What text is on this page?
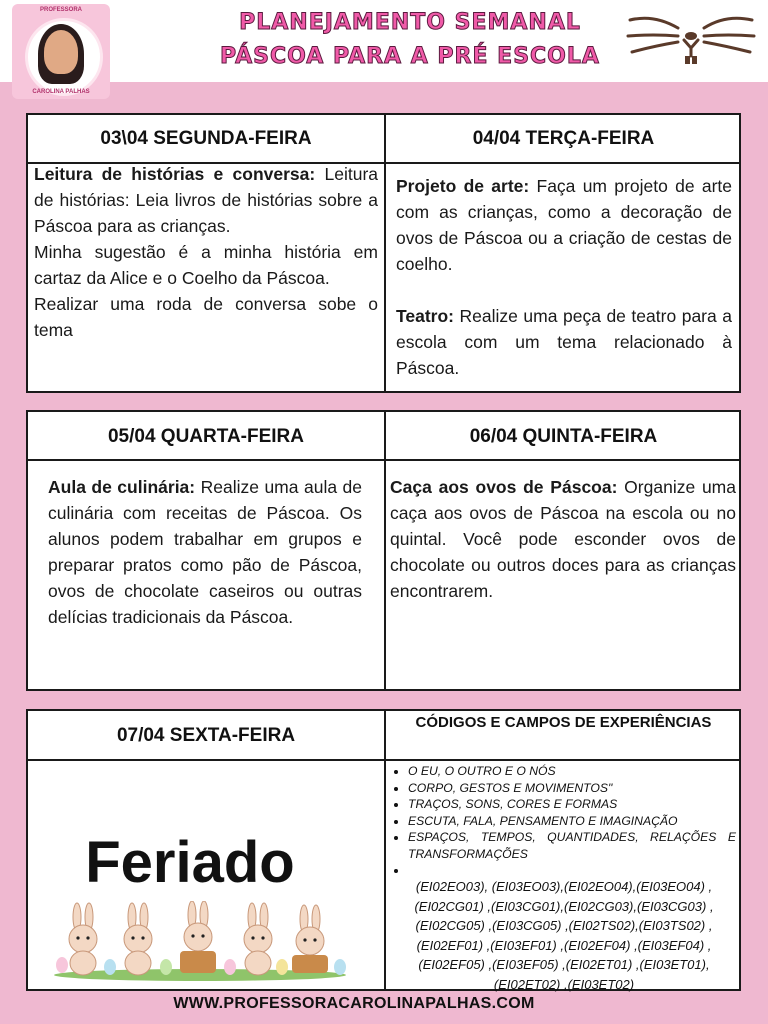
PROFESSORA
CAROLINA PALHAS
PLANEJAMENTO SEMANAL
PÁSCOA PARA A PRÉ ESCOLA
03\04 SEGUNDA-FEIRA	04/04 TERÇA-FEIRA

Leitura de histórias e conversa: Leitura de histórias: Leia livros de histórias sobre a Páscoa para as crianças.

Minha sugestão é a minha história em cartaz da Alice e o Coelho da Páscoa.

Realizar uma roda de conversa sobe o tema

Projeto de arte: Faça um projeto de arte com as crianças, como a decoração de ovos de Páscoa ou a criação de cestas de coelho.

Teatro: Realize uma peça de teatro para a escola com um tema relacionado à Páscoa.

05/04 QUARTA-FEIRA	06/04 QUINTA-FEIRA

Aula de culinária: Realize uma aula de culinária com receitas de Páscoa. Os alunos podem trabalhar em grupos e preparar pratos como pão de Páscoa, ovos de chocolate caseiros ou outras delícias tradicionais da Páscoa.

Caça aos ovos de Páscoa: Organize uma caça aos ovos de Páscoa na escola ou no quintal. Você pode esconder ovos de chocolate ou outros doces para as crianças encontrarem.

07/04 SEXTA-FEIRA
CÓDIGOS E CAMPOS DE EXPERIÊNCIAS
Feriado
• O EU, O OUTRO E O NÓS
• CORPO, GESTOS E MOVIMENTOS"
• TRAÇOS, SONS, CORES E FORMAS
• ESCUTA, FALA, PENSAMENTO E IMAGINAÇÃO
• ESPAÇOS, TEMPOS, QUANTIDADES, RELAÇÕES E TRANSFORMAÇÕES
•
(EI02EO03), (EI03EO03),(EI02EO04),(EI03EO04) , (EI02CG01) ,(EI03CG01),(EI02CG03),(EI03CG03) , (EI02CG05) ,(EI03CG05) ,(EI02TS02),(EI03TS02) , (EI02EF01) ,(EI03EF01) ,(EI02EF04) ,(EI03EF04) , (EI02EF05) ,(EI03EF05) ,(EI02ET01) ,(EI03ET01), (EI02ET02) ,(EI03ET02)
WWW.PROFESSORACAROLINAPALHAS.COM
